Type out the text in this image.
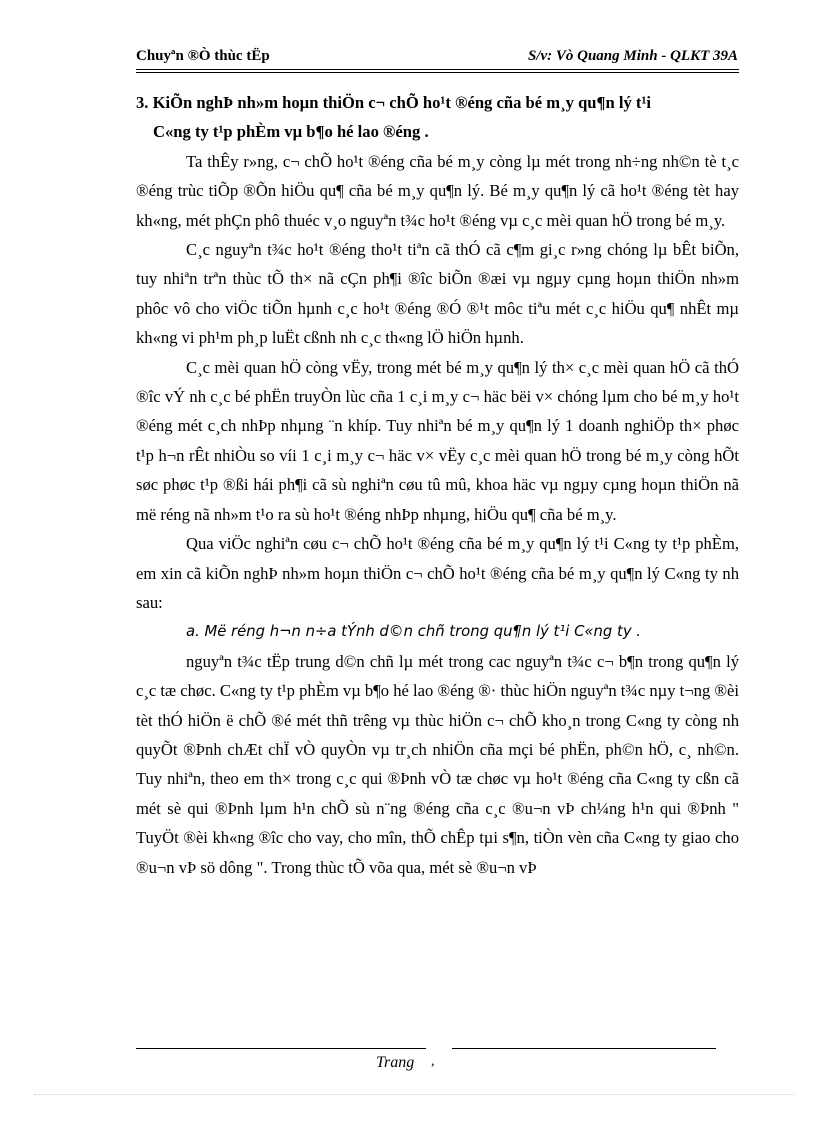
Chuyªn ®Ò thùc tËp	S/v: Vò Quang Minh - QLKT 39A
3. KiÕn nghÞ nh»m hoµn thiÖn c¬ chÕ ho¹t ®éng cña bé m¸y qu¶n lý t¹i
C«ng ty t¹p phÈm vµ b¶o hé lao ®éng .

Ta thÊy r»ng, c¬ chÕ ho¹t ®éng cña bé m¸y còng lµ mét trong nh÷ng nh©n tè t¸c ®éng trùc tiÕp ®Õn hiÖu qu¶ cña bé m¸y qu¶n lý. Bé m¸y qu¶n lý cã ho¹t ®éng tèt hay kh«ng, mét phÇn phô thuéc v¸o nguyªn t¾c ho¹t ®éng vµ c¸c mèi quan hÖ trong bé m¸y.

C¸c nguyªn t¾c ho¹t ®éng tho¹t tiªn cã thÓ cã c¶m gi¸c r»ng chóng lµ bÊt biÕn, tuy nhiªn trªn thùc tÕ th× nã cÇn ph¶i ®îc biÕn ®æi vµ ngµy cµng hoµn thiÖn nh»m phôc vô cho viÖc tiÕn hµnh c¸c ho¹t ®éng ®Ó ®¹t môc tiªu mét c¸c hiÖu qu¶ nhÊt mµ kh«ng vi ph¹m ph¸p luËt cßnh nh c¸c th«ng lÖ hiÖn hµnh.

C¸c mèi quan hÖ còng vËy, trong mét bé m¸y qu¶n lý th× c¸c mèi quan hÖ cã thÓ ®îc vÝ nh c¸c bé phËn truyÒn lùc cña 1 c¸i m¸y c¬ häc bëi v× chóng lµm cho bé m¸y ho¹t ®éng mét c¸ch nhÞp nhµng ¨n khíp. Tuy nhiªn bé m¸y qu¶n lý 1 doanh nghiÖp th× phøc t¹p h¬n rÊt nhiÒu so víi 1 c¸i m¸y c¬ häc v× vËy c¸c mèi quan hÖ trong bé m¸y còng hÕt søc phøc t¹p ®ßi hái ph¶i cã sù nghiªn cøu tû mû, khoa häc vµ ngµy cµng hoµn thiÖn nã më réng nã nh»m t¹o ra sù ho¹t ®éng nhÞp nhµng, hiÖu qu¶ cña bé m¸y.

Qua viÖc nghiªn cøu c¬ chÕ ho¹t ®éng cña bé m¸y qu¶n lý t¹i C«ng ty t¹p phÈm, em xin cã kiÕn nghÞ nh»m hoµn thiÖn c¬ chÕ ho¹t ®éng cña bé m¸y qu¶n lý C«ng ty nh sau:

a. Më réng h¬n n÷a tÝnh d©n chñ trong qu¶n lý t¹i C«ng ty .

nguyªn t¾c tËp trung d©n chñ lµ mét trong cac nguyªn t¾c c¬ b¶n trong qu¶n lý c¸c tæ chøc. C«ng ty t¹p phÈm vµ b¶o hé lao ®éng ®· thùc hiÖn nguyªn t¾c nµy t¬ng ®èi tèt thÓ hiÖn ë chÕ ®é mét thñ trêng vµ thùc hiÖn c¬ chÕ kho¸n trong C«ng ty còng nh quyÕt ®Þnh chÆt chÏ vÒ quyÒn vµ tr¸ch nhiÖn cña mçi bé phËn, ph©n hÖ, c¸ nh©n. Tuy nhiªn, theo em th× trong c¸c qui ®Þnh vÒ tæ chøc vµ ho¹t ®éng cña C«ng ty cßn cã mét sè qui ®Þnh lµm h¹n chÕ sù n¨ng ®éng cña c¸c ®u¬n vÞ ch¼ng h¹n qui ®Þnh " TuyÖt ®èi kh«ng ®îc cho vay, cho mîn, thÕ chÊp tµi s¶n, tiÒn vèn cña C«ng ty giao cho ®u¬n vÞ sö dông ". Trong thùc tÕ võa qua, mét sè ®u¬n vÞ

Trang ,
